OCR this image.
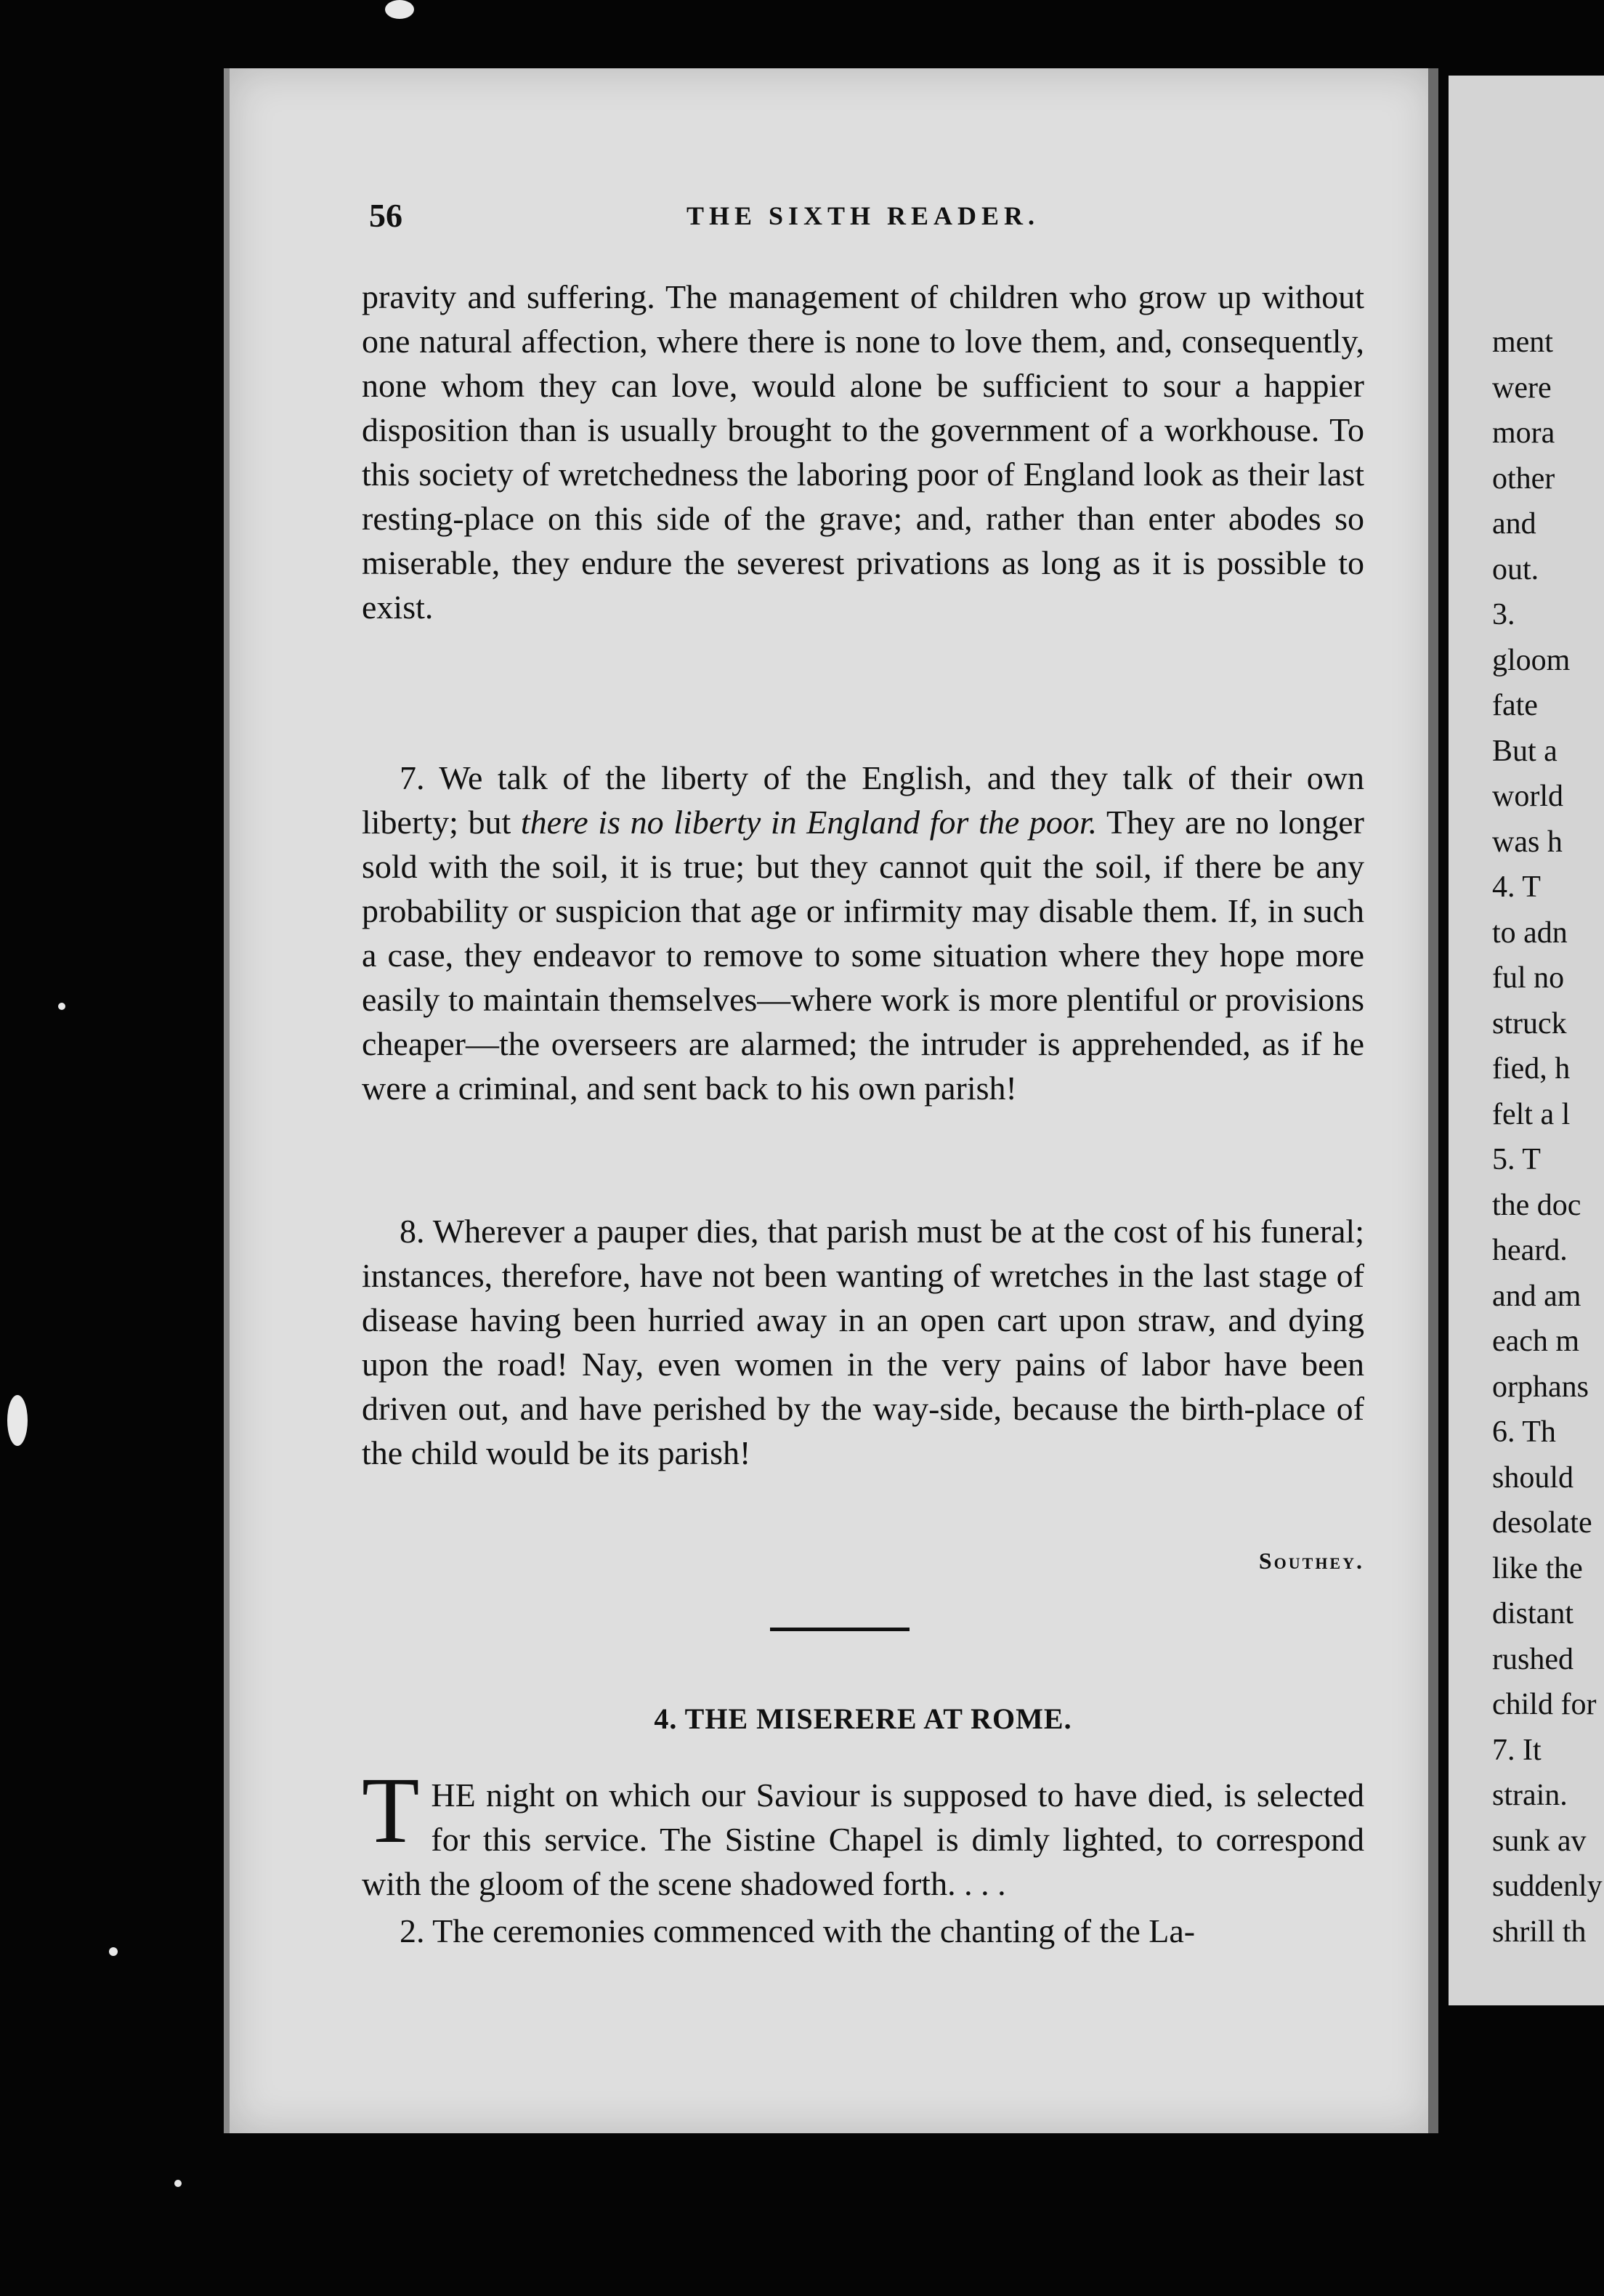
56	THE SIXTH READER.

pravity and suffering. The management of children who grow up without one natural affection, where there is none to love them, and, consequently, none whom they can love, would alone be sufficient to sour a happier disposition than is usually brought to the government of a workhouse. To this society of wretchedness the laboring poor of England look as their last resting-place on this side of the grave; and, rather than enter abodes so miserable, they endure the severest privations as long as it is possible to exist.

7. We talk of the liberty of the English, and they talk of their own liberty; but there is no liberty in England for the poor. They are no longer sold with the soil, it is true; but they cannot quit the soil, if there be any probability or suspicion that age or infirmity may disable them. If, in such a case, they endeavor to remove to some situation where they hope more easily to maintain themselves—where work is more plentiful or provisions cheaper—the overseers are alarmed; the intruder is apprehended, as if he were a criminal, and sent back to his own parish!

8. Wherever a pauper dies, that parish must be at the cost of his funeral; instances, therefore, have not been wanting of wretches in the last stage of disease having been hurried away in an open cart upon straw, and dying upon the road! Nay, even women in the very pains of labor have been driven out, and have perished by the way-side, because the birth-place of the child would be its parish!

Southey.
4. THE MISERERE AT ROME.

THE night on which our Saviour is supposed to have died, is selected for this service. The Sistine Chapel is dimly lighted, to correspond with the gloom of the scene shadowed forth. . . .

2. The ceremonies commenced with the chanting of the La-

ment
were
mora
other
and
out.
3.
gloom
fate
But a
world
was h
4. T
to adn
ful no
struck
fied, h
felt a l
5. T
the doc
heard.
and am
each m
orphans
6. Th
should
desolate
like the
distant
rushed
child for
7. It
strain.
sunk av
suddenly
shrill th
